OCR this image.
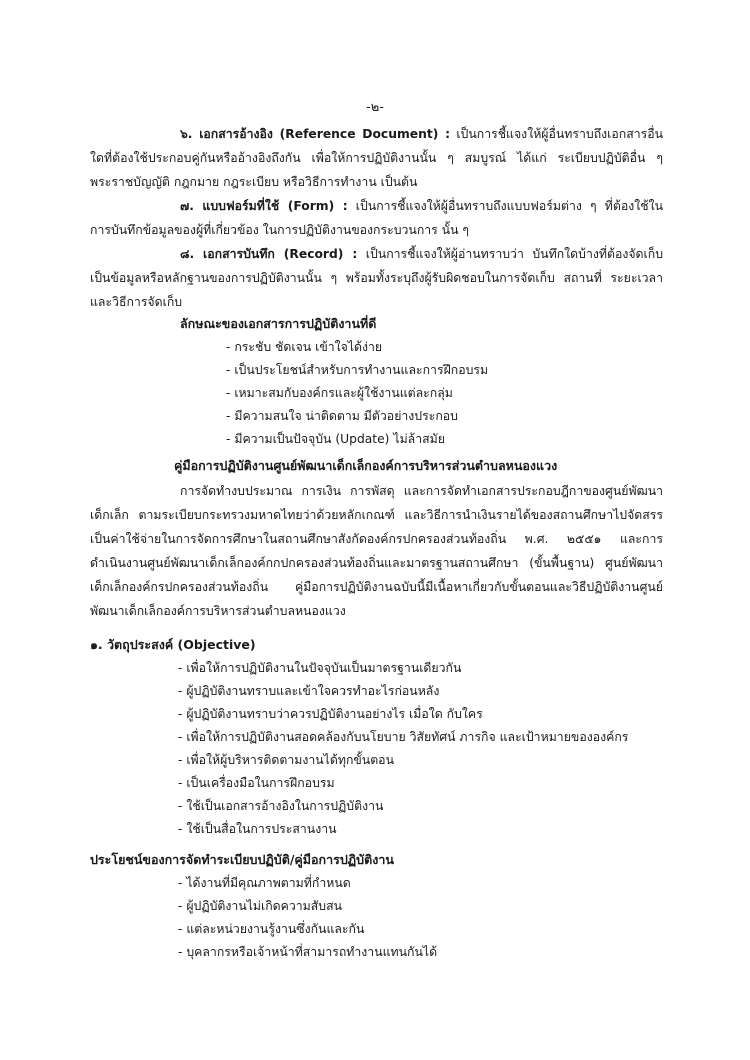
-๒-
๖. เอกสารอ้างอิง (Reference Document) : เป็นการชี้แจงให้ผู้อื่นทราบถึงเอกสารอื่น
ใดที่ต้องใช้ประกอบคู่กันหรืออ้างอิงถึงกัน เพื่อให้การปฏิบัติงานนั้น ๆ สมบูรณ์ ได้แก่ ระเบียบปฏิบัติอื่น ๆ
พระราชบัญญัติ กฎกมาย กฎระเบียบ หรือวิธีการทำงาน เป็นต้น
๗. แบบฟอร์มที่ใช้ (Form) : เป็นการชี้แจงให้ผู้อื่นทราบถึงแบบฟอร์มต่าง ๆ ที่ต้องใช้ใน
การบันทึกข้อมูลของผู้ที่เกี่ยวข้อง ในการปฏิบัติงานของกระบวนการ นั้น ๆ
๘. เอกสารบันทึก (Record) : เป็นการชี้แจงให้ผู้อ่านทราบว่า บันทึกใดบ้างที่ต้องจัดเก็บ
เป็นข้อมูลหรือหลักฐานของการปฏิบัติงานนั้น ๆ พร้อมทั้งระบุถึงผู้รับผิดชอบในการจัดเก็บ สถานที่ ระยะเวลา
และวิธีการจัดเก็บ
ลักษณะของเอกสารการปฏิบัติงานที่ดี
- กระชับ ชัดเจน เข้าใจได้ง่าย
- เป็นประโยชน์สำหรับการทำงานและการฝึกอบรม
- เหมาะสมกับองค์กรและผู้ใช้งานแต่ละกลุ่ม
- มีความสนใจ น่าติดตาม มีตัวอย่างประกอบ
- มีความเป็นปัจจุบัน (Update) ไม่ล้าสมัย
คู่มือการปฏิบัติงานศูนย์พัฒนาเด็กเล็กองค์การบริหารส่วนตำบลหนองแวง
การจัดทำงบประมาณ การเงิน การพัสดุ และการจัดทำเอกสารประกอบฎีกาของศูนย์พัฒนา
เด็กเล็ก ตามระเบียบกระทรวงมหาดไทยว่าด้วยหลักเกณฑ์ และวิธีการนำเงินรายได้ของสถานศึกษาไปจัดสรร
เป็นค่าใช้จ่ายในการจัดการศึกษาในสถานศึกษาสังกัดองค์กรปกครองส่วนท้องถิ่น พ.ศ. ๒๕๕๑ และการ
ดำเนินงานศูนย์พัฒนาเด็กเล็กองค์กกปกครองส่วนท้องถิ่นและมาตรฐานสถานศึกษา (ขั้นพื้นฐาน) ศูนย์พัฒนา
เด็กเล็กองค์กรปกครองส่วนท้องถิ่น คู่มือการปฏิบัติงานฉบับนี้มีเนื้อหาเกี่ยวกับขั้นตอนและวิธีปฏิบัติงานศูนย์
พัฒนาเด็กเล็กองค์การบริหารส่วนตำบลหนองแวง
๑. วัตถุประสงค์ (Objective)
- เพื่อให้การปฏิบัติงานในปัจจุบันเป็นมาตรฐานเดียวกัน
- ผู้ปฏิบัติงานทราบและเข้าใจควรทำอะไรก่อนหลัง
- ผู้ปฏิบัติงานทราบว่าควรปฏิบัติงานอย่างไร เมื่อใด กับใคร
- เพื่อให้การปฏิบัติงานสอดคล้องกับนโยบาย วิสัยทัศน์ ภารกิจ และเป้าหมายขององค์กร
- เพื่อให้ผู้บริหารติดตามงานได้ทุกขั้นตอน
- เป็นเครื่องมือในการฝึกอบรม
- ใช้เป็นเอกสารอ้างอิงในการปฏิบัติงาน
- ใช้เป็นสื่อในการประสานงาน
ประโยชน์ของการจัดทำระเบียบปฏิบัติ/คู่มือการปฏิบัติงาน
- ได้งานที่มีคุณภาพตามที่กำหนด
- ผู้ปฏิบัติงานไม่เกิดความสับสน
- แต่ละหน่วยงานรู้งานซึ่งกันและกัน
- บุคลากรหรือเจ้าหน้าที่สามารถทำงานแทนกันได้
